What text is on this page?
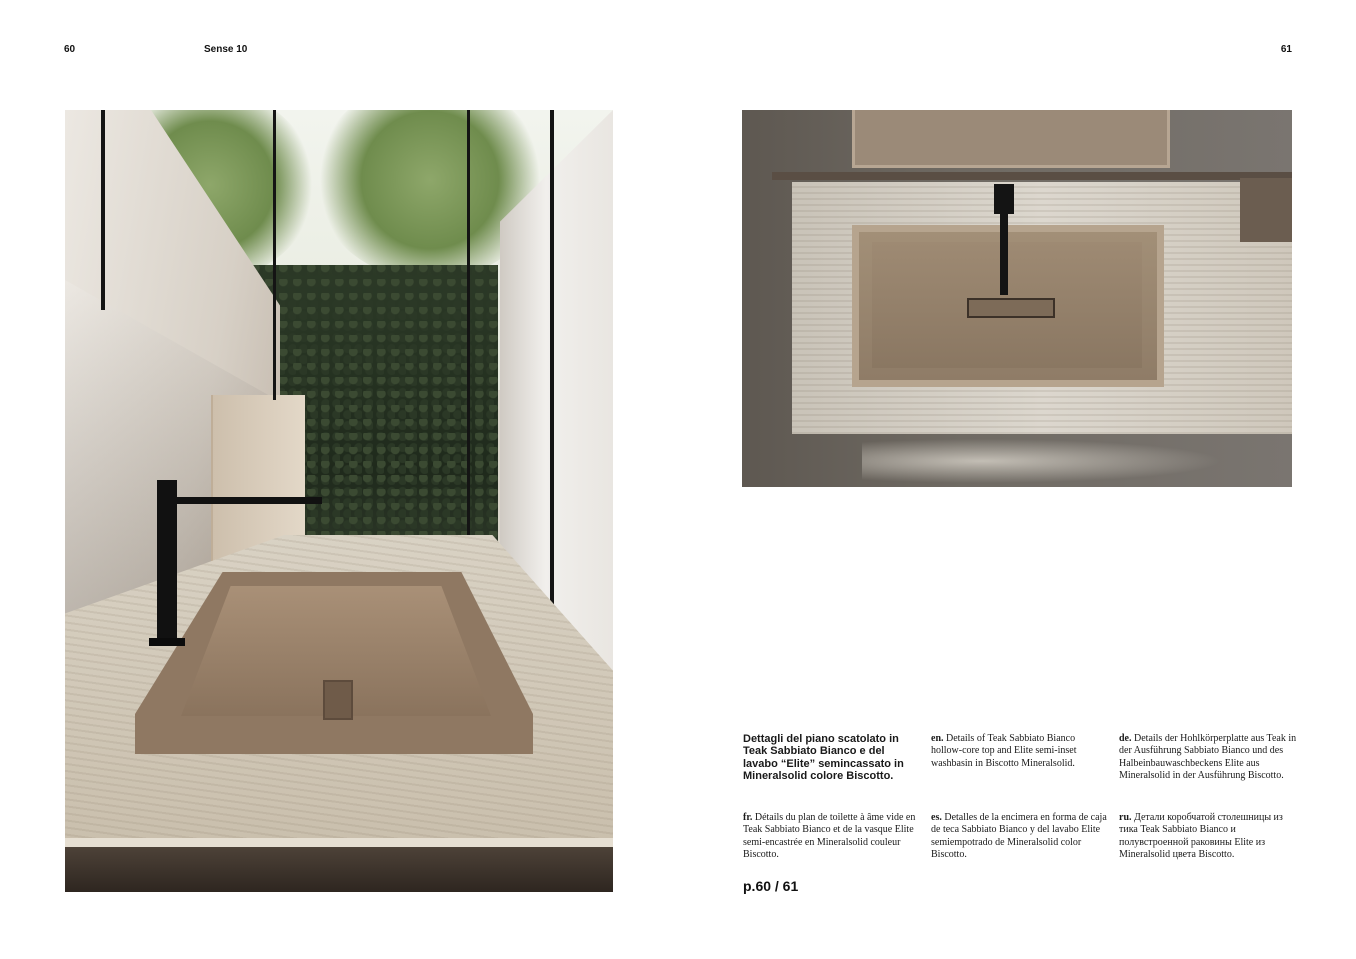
60	Sense 10	61
Dettagli del piano scatolato in Teak Sabbiato Bianco e del lavabo “Elite” semincassato in Mineralsolid colore Biscotto.
en. Details of Teak Sabbiato Bianco hollow-core top and Elite semi-inset washbasin in Biscotto Mineralsolid.
de. Details der Hohlkörperplatte aus Teak in der Ausführung Sabbiato Bianco und des Halbeinbauwaschbeckens Elite aus Mineralsolid in der Ausführung Biscotto.
fr. Détails du plan de toilette à âme vide en Teak Sabbiato Bianco et de la vasque Elite semi-encastrée en Mineralsolid couleur Biscotto.
es. Detalles de la encimera en forma de caja de teca Sabbiato Bianco y del lavabo Elite semiempotrado de Mineralsolid color Biscotto.
ru. Детали коробчатой столешницы из тика Teak Sabbiato Bianco и полувстроенной раковины Elite из Mineralsolid цвета Biscotto.
p.60 / 61
